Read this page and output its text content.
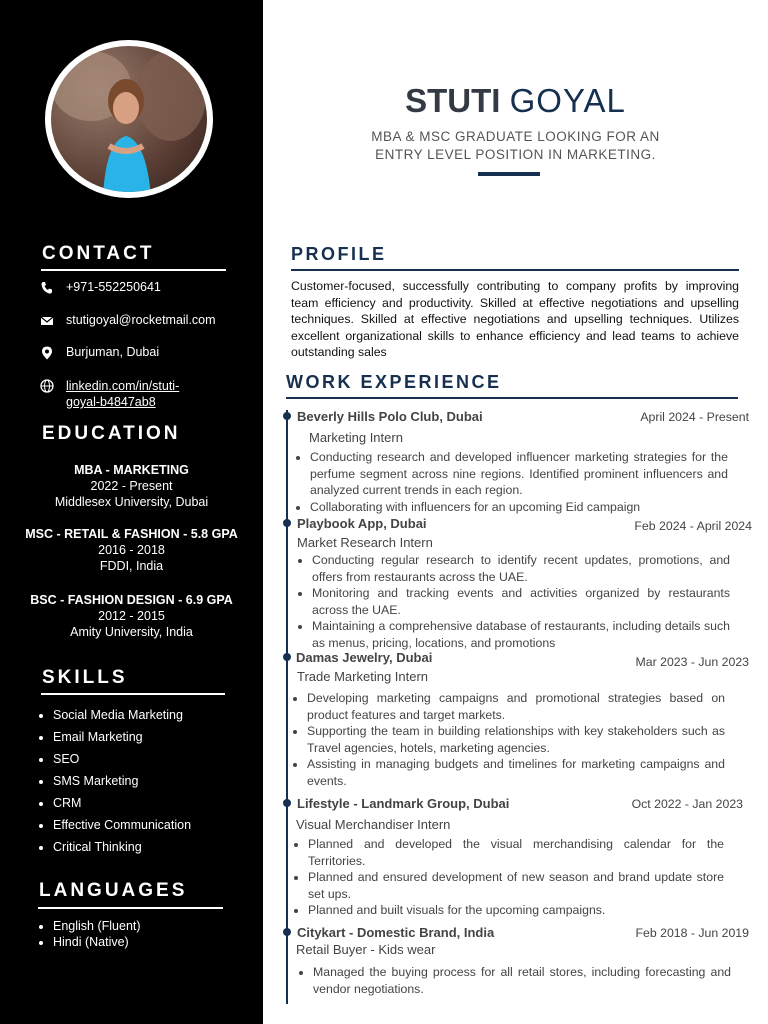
CONTACT
+971-552250641
stutigoyal@rocketmail.com
Burjuman, Dubai
linkedin.com/in/stuti-
goyal-b4847ab8
EDUCATION
MBA - MARKETING
2022 - Present
Middlesex University, Dubai
MSC - RETAIL & FASHION - 5.8 GPA
2016 - 2018
FDDI, India
BSC - FASHION DESIGN - 6.9 GPA
2012 - 2015
Amity University, India
SKILLS
• Social Media Marketing
• Email Marketing
• SEO
• SMS Marketing
• CRM
• Effective Communication
• Critical Thinking
LANGUAGES
• English (Fluent)
• Hindi (Native)
STUTI GOYAL
MBA & MSC GRADUATE LOOKING FOR AN
ENTRY LEVEL POSITION IN MARKETING.
PROFILE
Customer-focused, successfully contributing to company profits by improving team efficiency and productivity. Skilled at effective negotiations and upselling techniques. Skilled at effective negotiations and upselling techniques. Utilizes excellent organizational skills to enhance efficiency and lead teams to achieve outstanding sales
WORK EXPERIENCE
Beverly Hills Polo Club, Dubai	April 2024 - Present
Marketing Intern
• Conducting research and developed influencer marketing strategies for the perfume segment across nine regions. Identified prominent influencers and analyzed current trends in each region.
• Collaborating with influencers for an upcoming Eid campaign
Playbook App, Dubai	Feb 2024 - April 2024
Market Research Intern
• Conducting regular research to identify recent updates, promotions, and offers from restaurants across the UAE.
• Monitoring and tracking events and activities organized by restaurants across the UAE.
• Maintaining a comprehensive database of restaurants, including details such as menus, pricing, locations, and promotions
Damas Jewelry, Dubai	Mar 2023 - Jun 2023
Trade Marketing Intern
• Developing marketing campaigns and promotional strategies based on product features and target markets.
• Supporting the team in building relationships with key stakeholders such as Travel agencies, hotels, marketing agencies.
• Assisting in managing budgets and timelines for marketing campaigns and events.
Lifestyle - Landmark Group, Dubai	Oct 2022 - Jan 2023
Visual Merchandiser Intern
• Planned and developed the visual merchandising calendar for the Territories.
• Planned and ensured development of new season and brand update store set ups.
• Planned and built visuals for the upcoming campaigns.
Citykart - Domestic Brand, India	Feb 2018 - Jun 2019
Retail Buyer - Kids wear
• Managed the buying process for all retail stores, including forecasting and vendor negotiations.
